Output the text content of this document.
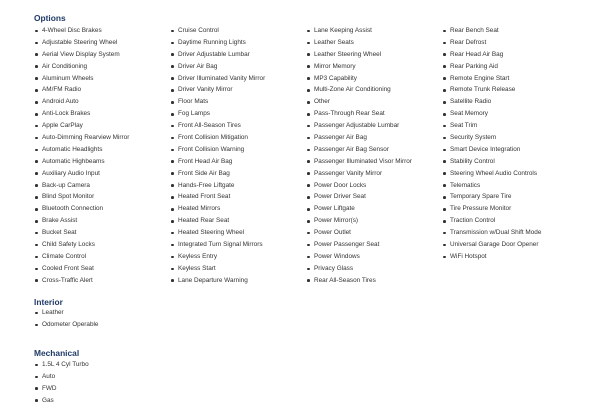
Options
4-Wheel Disc Brakes
Adjustable Steering Wheel
Aerial View Display System
Air Conditioning
Aluminum Wheels
AM/FM Radio
Android Auto
Anti-Lock Brakes
Apple CarPlay
Auto-Dimming Rearview Mirror
Automatic Headlights
Automatic Highbeams
Auxiliary Audio Input
Back-up Camera
Blind Spot Monitor
Bluetooth Connection
Brake Assist
Bucket Seat
Child Safety Locks
Climate Control
Cooled Front Seat
Cross-Traffic Alert
Cruise Control
Daytime Running Lights
Driver Adjustable Lumbar
Driver Air Bag
Driver Illuminated Vanity Mirror
Driver Vanity Mirror
Floor Mats
Fog Lamps
Front All-Season Tires
Front Collision Mitigation
Front Collision Warning
Front Head Air Bag
Front Side Air Bag
Hands-Free Liftgate
Heated Front Seat
Heated Mirrors
Heated Rear Seat
Heated Steering Wheel
Integrated Turn Signal Mirrors
Keyless Entry
Keyless Start
Lane Departure Warning
Lane Keeping Assist
Leather Seats
Leather Steering Wheel
Mirror Memory
MP3 Capability
Multi-Zone Air Conditioning
Other
Pass-Through Rear Seat
Passenger Adjustable Lumbar
Passenger Air Bag
Passenger Air Bag Sensor
Passenger Illuminated Visor Mirror
Passenger Vanity Mirror
Power Door Locks
Power Driver Seat
Power Liftgate
Power Mirror(s)
Power Outlet
Power Passenger Seat
Power Windows
Privacy Glass
Rear All-Season Tires
Rear Bench Seat
Rear Defrost
Rear Head Air Bag
Rear Parking Aid
Remote Engine Start
Remote Trunk Release
Satellite Radio
Seat Memory
Seat Trim
Security System
Smart Device Integration
Stability Control
Steering Wheel Audio Controls
Telematics
Temporary Spare Tire
Tire Pressure Monitor
Traction Control
Transmission w/Dual Shift Mode
Universal Garage Door Opener
WiFi Hotspot
Interior
Leather
Odometer Operable
Mechanical
1.5L 4 Cyl Turbo
Auto
FWD
Gas
